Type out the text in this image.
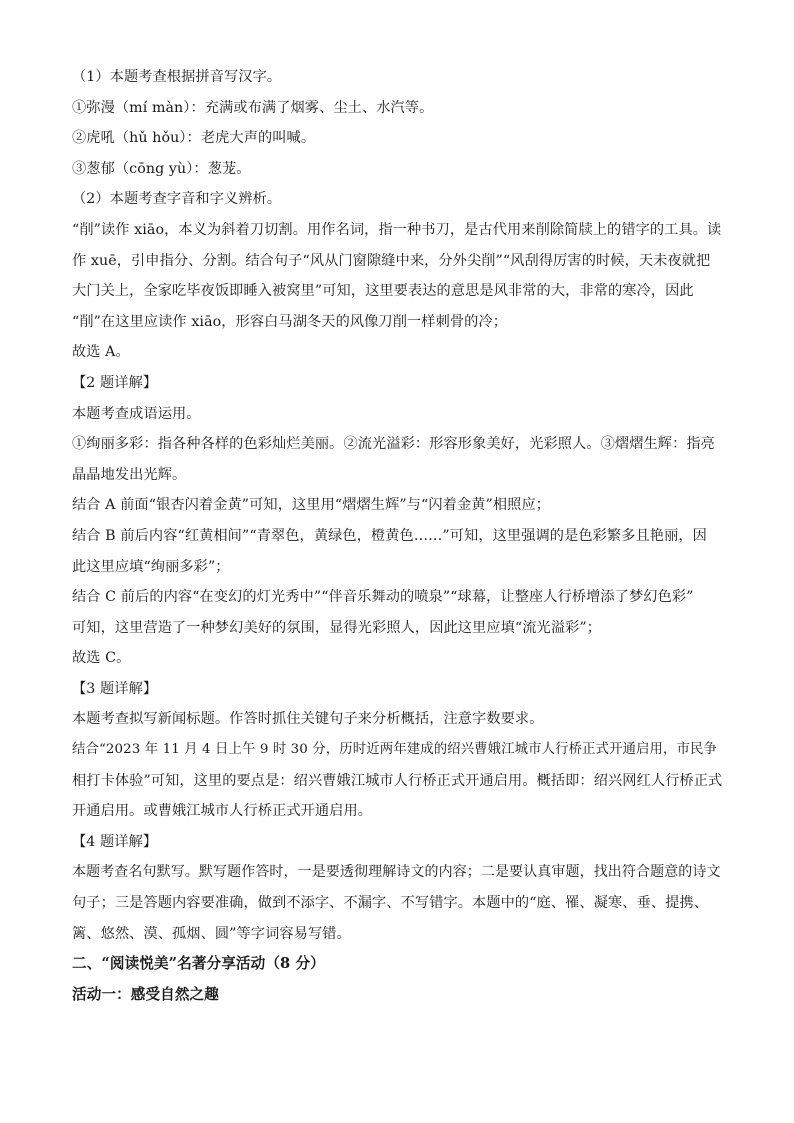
（1）本题考查根据拼音写汉字。
①弥漫（mí màn）：充满或布满了烟雾、尘土、水汽等。
②虎吼（hǔ hǒu）：老虎大声的叫喊。
③葱郁（cōng yù）：葱茏。
（2）本题考查字音和字义辨析。
“削”读作 xiāo，本义为斜着刀切割。用作名词，指一种书刀，是古代用来削除简牍上的错字的工具。读
作 xuē，引申指分、分割。结合句子“风从门窗隙缝中来，分外尖削”“风刮得厉害的时候，天未夜就把
大门关上，全家吃毕夜饭即睡入被窝里”可知，这里要表达的意思是风非常的大，非常的寒冷，因此
“削”在这里应读作 xiāo，形容白马湖冬天的风像刀削一样刺骨的冷；
故选 A。
【2 题详解】
本题考查成语运用。
①绚丽多彩：指各种各样的色彩灿烂美丽。②流光溢彩：形容形象美好，光彩照人。③熠熠生辉：指亮
晶晶地发出光辉。
结合 A 前面“银杏闪着金黄”可知，这里用“熠熠生辉”与“闪着金黄”相照应；
结合 B 前后内容“红黄相间”“青翠色，黄绿色，橙黄色……”可知，这里强调的是色彩繁多且艳丽，因
此这里应填“绚丽多彩”；
结合 C 前后的内容“在变幻的灯光秀中”“伴音乐舞动的喷泉”“球幕，让整座人行桥增添了梦幻色彩”
可知，这里营造了一种梦幻美好的氛围，显得光彩照人，因此这里应填“流光溢彩”；
故选 C。
【3 题详解】
本题考查拟写新闻标题。作答时抓住关键句子来分析概括，注意字数要求。
结合“2023 年 11 月 4 日上午 9 时 30 分，历时近两年建成的绍兴曹娥江城市人行桥正式开通启用，市民争
相打卡体验”可知，这里的要点是：绍兴曹娥江城市人行桥正式开通启用。概括即：绍兴网红人行桥正式
开通启用。或曹娥江城市人行桥正式开通启用。
【4 题详解】
本题考查名句默写。默写题作答时，一是要透彻理解诗文的内容；二是要认真审题，找出符合题意的诗文
句子；三是答题内容要准确，做到不添字、不漏字、不写错字。本题中的“庭、罹、凝寒、垂、提携、
篱、悠然、漠、孤烟、圆”等字词容易写错。
二、“阅读悦美”名著分享活动（8 分）
活动一：感受自然之趣
